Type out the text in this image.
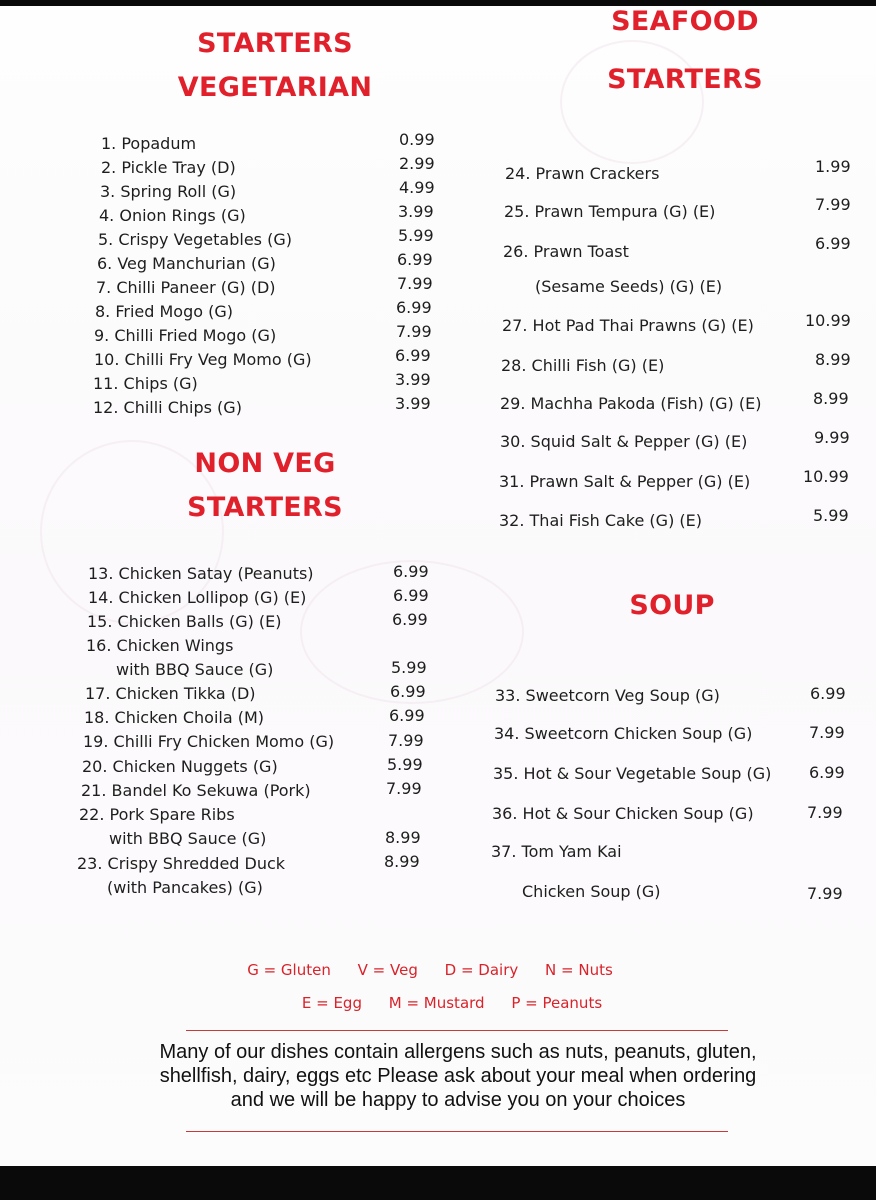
STARTERS
VEGETARIAN
NON VEG
STARTERS
SEAFOOD
STARTERS
SOUP
1. Popadum	0.99
2. Pickle Tray (D)	2.99
3. Spring Roll (G)	4.99
4. Onion Rings (G)	3.99
5. Crispy Vegetables (G)	5.99
6. Veg Manchurian (G)	6.99
7. Chilli Paneer (G) (D)	7.99
8. Fried Mogo (G)	6.99
9. Chilli Fried Mogo (G)	7.99
10. Chilli Fry Veg Momo (G)	6.99
11. Chips (G)	3.99
12. Chilli Chips (G)	3.99
13. Chicken Satay (Peanuts)	6.99
14. Chicken Lollipop (G) (E)	6.99
15. Chicken Balls (G) (E)	6.99
16. Chicken Wings
with BBQ Sauce (G)	5.99
17. Chicken Tikka (D)	6.99
18. Chicken Choila (M)	6.99
19. Chilli Fry Chicken Momo (G)	7.99
20. Chicken Nuggets (G)	5.99
21. Bandel Ko Sekuwa (Pork)	7.99
22. Pork Spare Ribs
with BBQ Sauce (G)	8.99
23. Crispy Shredded Duck	8.99
(with Pancakes) (G)
24. Prawn Crackers	1.99
25. Prawn Tempura (G) (E)	7.99
26. Prawn Toast	6.99
(Sesame Seeds) (G) (E)
27. Hot Pad Thai Prawns (G) (E)	10.99
28. Chilli Fish (G) (E)	8.99
29. Machha Pakoda (Fish) (G) (E)	8.99
30. Squid Salt & Pepper (G) (E)	9.99
31. Prawn Salt & Pepper (G) (E)	10.99
32. Thai Fish Cake (G) (E)	5.99
33. Sweetcorn Veg Soup (G)	6.99
34. Sweetcorn Chicken Soup (G)	7.99
35. Hot & Sour Vegetable Soup (G) 6.99
36. Hot & Sour Chicken Soup (G)	7.99
37. Tom Yam Kai
Chicken Soup (G)	7.99
G = Gluten V = Veg D = Dairy N = Nuts
E = Egg M = Mustard P = Peanuts
Many of our dishes contain allergens such as nuts, peanuts, gluten,
shellfish, dairy, eggs etc Please ask about your meal when ordering
and we will be happy to advise you on your choices
